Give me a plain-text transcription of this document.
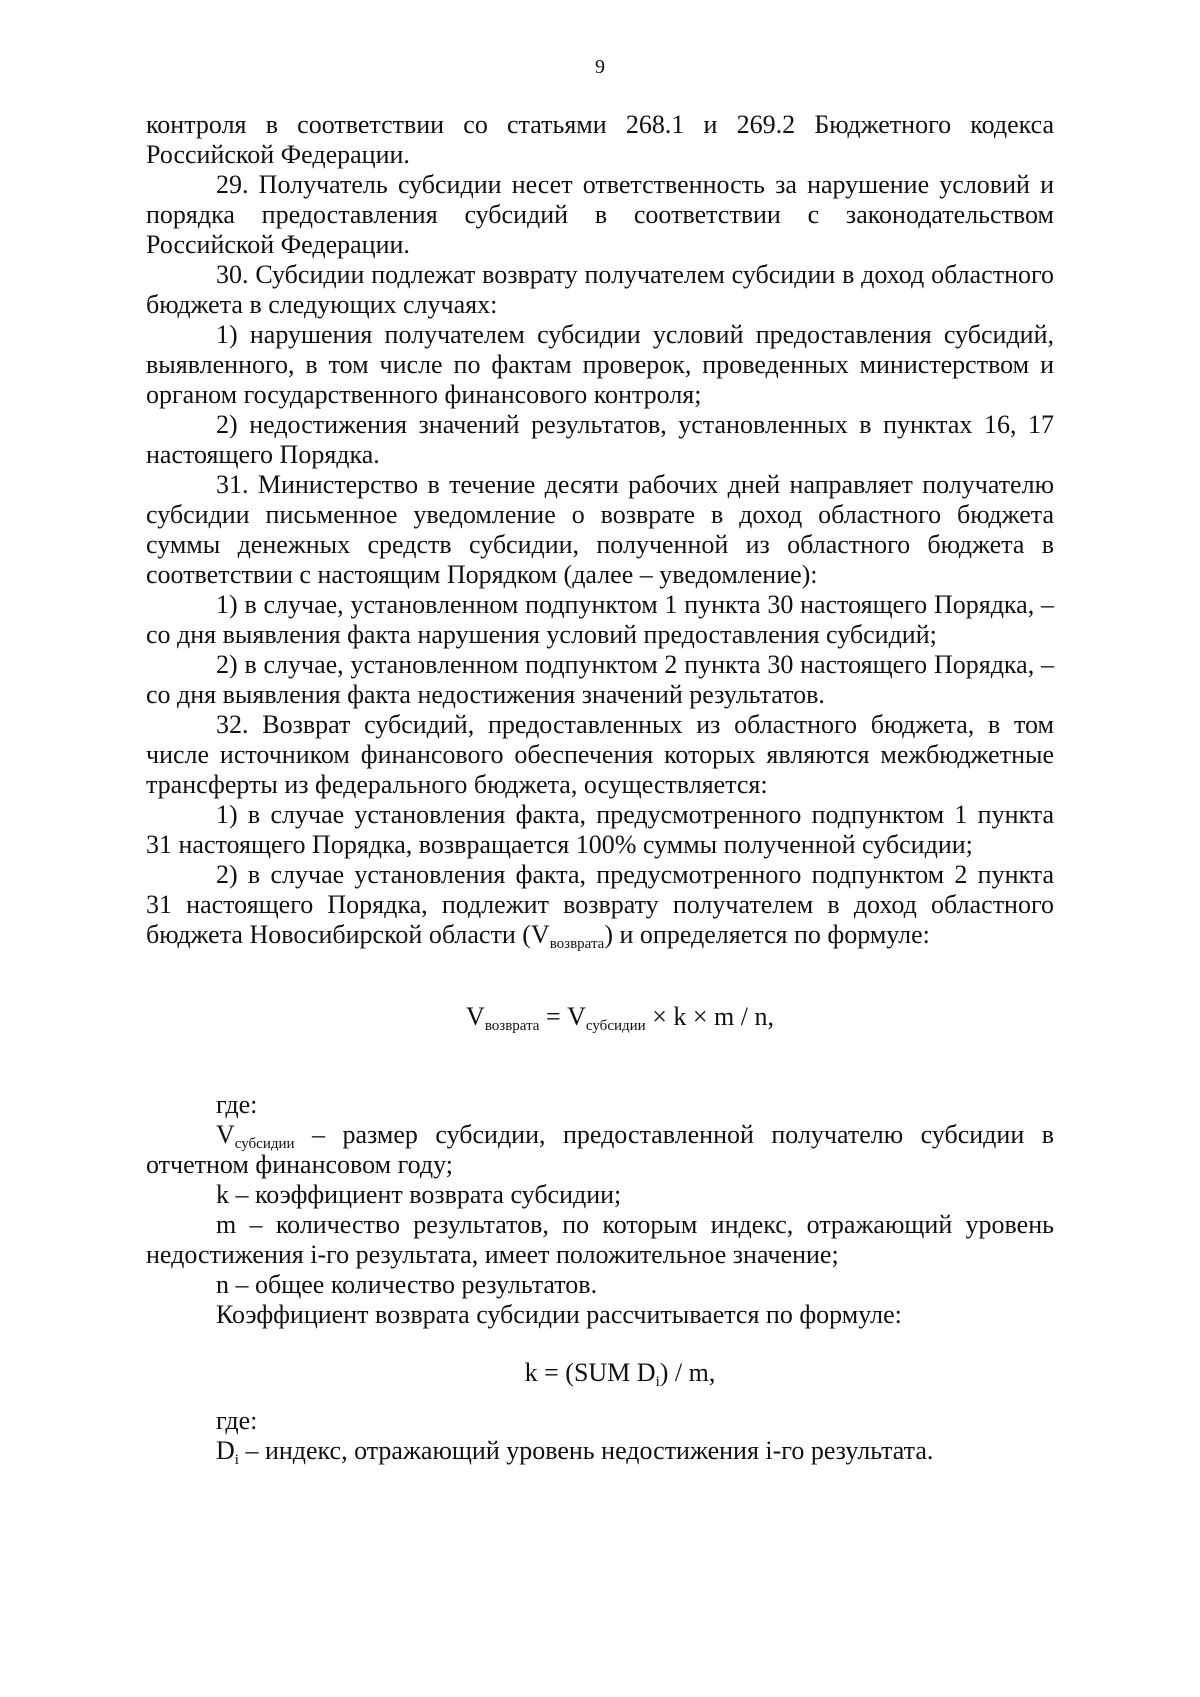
9

контроля в соответствии со статьями 268.1 и 269.2 Бюджетного кодекса Российской Федерации.

29. Получатель субсидии несет ответственность за нарушение условий и порядка предоставления субсидий в соответствии с законодательством Российской Федерации.

30. Субсидии подлежат возврату получателем субсидии в доход областного бюджета в следующих случаях:

1) нарушения получателем субсидии условий предоставления субсидий, выявленного, в том числе по фактам проверок, проведенных министерством и органом государственного финансового контроля;

2) недостижения значений результатов, установленных в пунктах 16, 17 настоящего Порядка.

31. Министерство в течение десяти рабочих дней направляет получателю субсидии письменное уведомление о возврате в доход областного бюджета суммы денежных средств субсидии, полученной из областного бюджета в соответствии с настоящим Порядком (далее – уведомление):

1) в случае, установленном подпунктом 1 пункта 30 настоящего Порядка, – со дня выявления факта нарушения условий предоставления субсидий;

2) в случае, установленном подпунктом 2 пункта 30 настоящего Порядка, – со дня выявления факта недостижения значений результатов.

32. Возврат субсидий, предоставленных из областного бюджета, в том числе источником финансового обеспечения которых являются межбюджетные трансферты из федерального бюджета, осуществляется:

1) в случае установления факта, предусмотренного подпунктом 1 пункта 31 настоящего Порядка, возвращается 100% суммы полученной субсидии;

2) в случае установления факта, предусмотренного подпунктом 2 пункта 31 настоящего Порядка, подлежит возврату получателем в доход областного бюджета Новосибирской области $(V_{возврата})$ и определяется по формуле:

$V_{возврата} = V_{субсидии} \times k \times m / n$,

где:

$V_{субсидии}$ – размер субсидии, предоставленной получателю субсидии в отчетном финансовом году;

k – коэффициент возврата субсидии;

m – количество результатов, по которым индекс, отражающий уровень недостижения i-го результата, имеет положительное значение;

n – общее количество результатов.

Коэффициент возврата субсидии рассчитывается по формуле:

k = (SUM $D_i$) / m,

где:

$D_i$ – индекс, отражающий уровень недостижения i-го результата.
